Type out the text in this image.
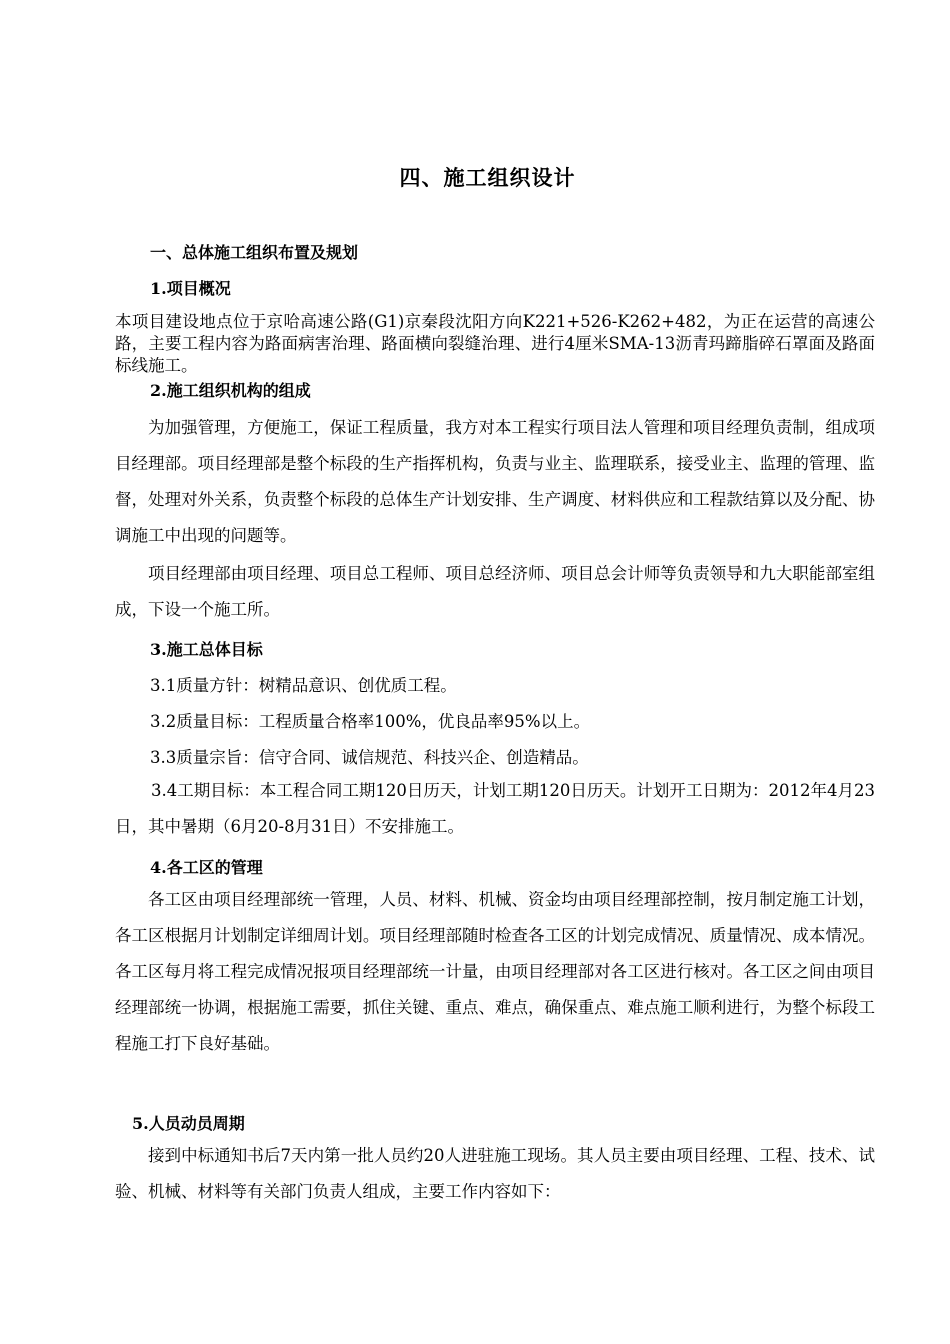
四、施工组织设计
一、总体施工组织布置及规划
1.项目概况
本项目建设地点位于京哈高速公路(G1)京秦段沈阳方向K221+526-K262+482，为正在运营的高速公路，主要工程内容为路面病害治理、路面横向裂缝治理、进行4厘米SMA-13沥青玛蹄脂碎石罩面及路面标线施工。
2.施工组织机构的组成
为加强管理，方便施工，保证工程质量，我方对本工程实行项目法人管理和项目经理负责制，组成项目经理部。项目经理部是整个标段的生产指挥机构，负责与业主、监理联系，接受业主、监理的管理、监督，处理对外关系，负责整个标段的总体生产计划安排、生产调度、材料供应和工程款结算以及分配、协调施工中出现的问题等。
项目经理部由项目经理、项目总工程师、项目总经济师、项目总会计师等负责领导和九大职能部室组成，下设一个施工所。
3.施工总体目标
3.1质量方针：树精品意识、创优质工程。
3.2质量目标：工程质量合格率100%，优良品率95%以上。
3.3质量宗旨：信守合同、诚信规范、科技兴企、创造精品。
3.4工期目标：本工程合同工期120日历天，计划工期120日历天。计划开工日期为：2012年4月23日，其中暑期（6月20-8月31日）不安排施工。
4.各工区的管理
各工区由项目经理部统一管理，人员、材料、机械、资金均由项目经理部控制，按月制定施工计划，各工区根据月计划制定详细周计划。项目经理部随时检查各工区的计划完成情况、质量情况、成本情况。各工区每月将工程完成情况报项目经理部统一计量，由项目经理部对各工区进行核对。各工区之间由项目经理部统一协调，根据施工需要，抓住关键、重点、难点，确保重点、难点施工顺利进行，为整个标段工程施工打下良好基础。
5.人员动员周期
接到中标通知书后7天内第一批人员约20人进驻施工现场。其人员主要由项目经理、工程、技术、试验、机械、材料等有关部门负责人组成，主要工作内容如下：
